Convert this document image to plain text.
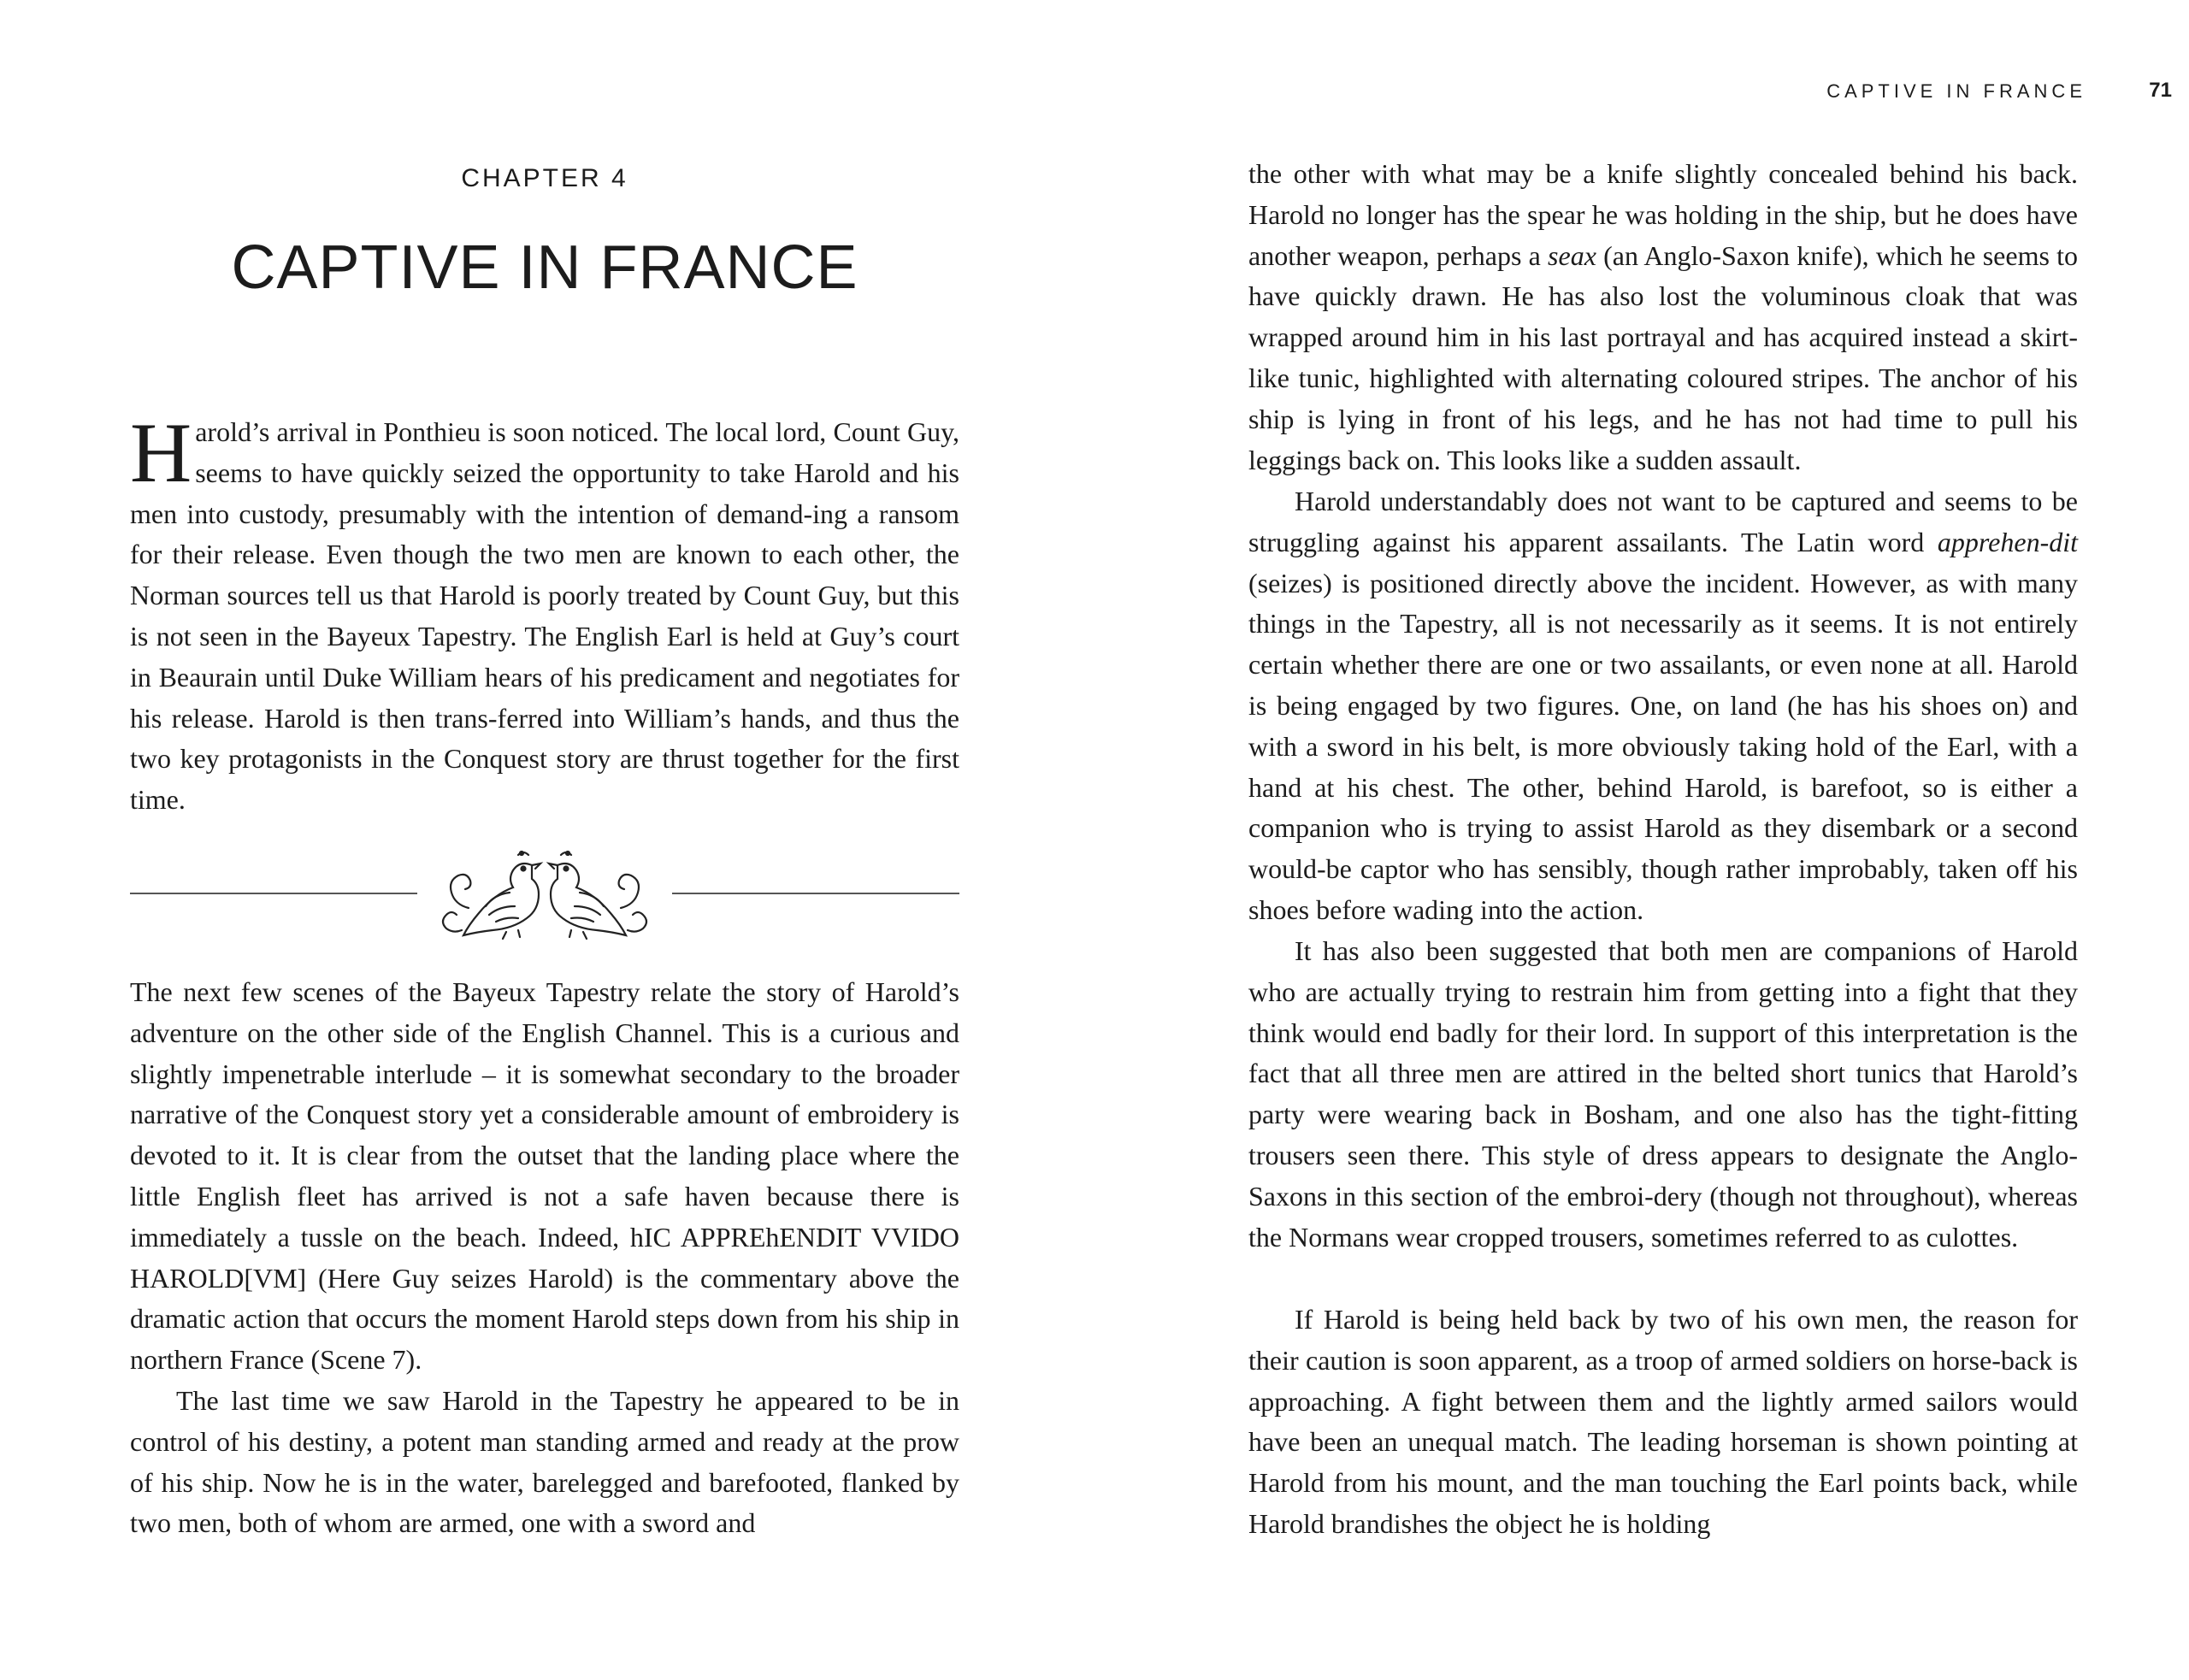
CHAPTER 4
CAPTIVE IN FRANCE

Harold’s arrival in Ponthieu is soon noticed. The local lord, Count Guy, seems to have quickly seized the opportunity to take Harold and his men into custody, presumably with the intention of demand-ing a ransom for their release. Even though the two men are known to each other, the Norman sources tell us that Harold is poorly treated by Count Guy, but this is not seen in the Bayeux Tapestry. The English Earl is held at Guy’s court in Beaurain until Duke William hears of his predicament and negotiates for his release. Harold is then trans-ferred into William’s hands, and thus the two key protagonists in the Conquest story are thrust together for the first time.

The next few scenes of the Bayeux Tapestry relate the story of Harold’s adventure on the other side of the English Channel. This is a curious and slightly impenetrable interlude – it is somewhat secondary to the broader narrative of the Conquest story yet a considerable amount of embroidery is devoted to it. It is clear from the outset that the landing place where the little English fleet has arrived is not a safe haven because there is immediately a tussle on the beach. Indeed, hIC APPREhENDIT VVIDO HAROLD[VM] (Here Guy seizes Harold) is the commentary above the dramatic action that occurs the moment Harold steps down from his ship in northern France (Scene 7).

The last time we saw Harold in the Tapestry he appeared to be in control of his destiny, a potent man standing armed and ready at the prow of his ship. Now he is in the water, barelegged and barefooted, flanked by two men, both of whom are armed, one with a sword and

CAPTIVE IN FRANCE	71

the other with what may be a knife slightly concealed behind his back. Harold no longer has the spear he was holding in the ship, but he does have another weapon, perhaps a seax (an Anglo-Saxon knife), which he seems to have quickly drawn. He has also lost the voluminous cloak that was wrapped around him in his last portrayal and has acquired instead a skirt-like tunic, highlighted with alternating coloured stripes. The anchor of his ship is lying in front of his legs, and he has not had time to pull his leggings back on. This looks like a sudden assault.

Harold understandably does not want to be captured and seems to be struggling against his apparent assailants. The Latin word apprehen-dit (seizes) is positioned directly above the incident. However, as with many things in the Tapestry, all is not necessarily as it seems. It is not entirely certain whether there are one or two assailants, or even none at all. Harold is being engaged by two figures. One, on land (he has his shoes on) and with a sword in his belt, is more obviously taking hold of the Earl, with a hand at his chest. The other, behind Harold, is barefoot, so is either a companion who is trying to assist Harold as they disembark or a second would-be captor who has sensibly, though rather improbably, taken off his shoes before wading into the action.

It has also been suggested that both men are companions of Harold who are actually trying to restrain him from getting into a fight that they think would end badly for their lord. In support of this interpretation is the fact that all three men are attired in the belted short tunics that Harold’s party were wearing back in Bosham, and one also has the tight-fitting trousers seen there. This style of dress appears to designate the Anglo-Saxons in this section of the embroi-dery (though not throughout), whereas the Normans wear cropped trousers, sometimes referred to as culottes.

If Harold is being held back by two of his own men, the reason for their caution is soon apparent, as a troop of armed soldiers on horse-back is approaching. A fight between them and the lightly armed sailors would have been an unequal match. The leading horseman is shown pointing at Harold from his mount, and the man touching the Earl points back, while Harold brandishes the object he is holding
